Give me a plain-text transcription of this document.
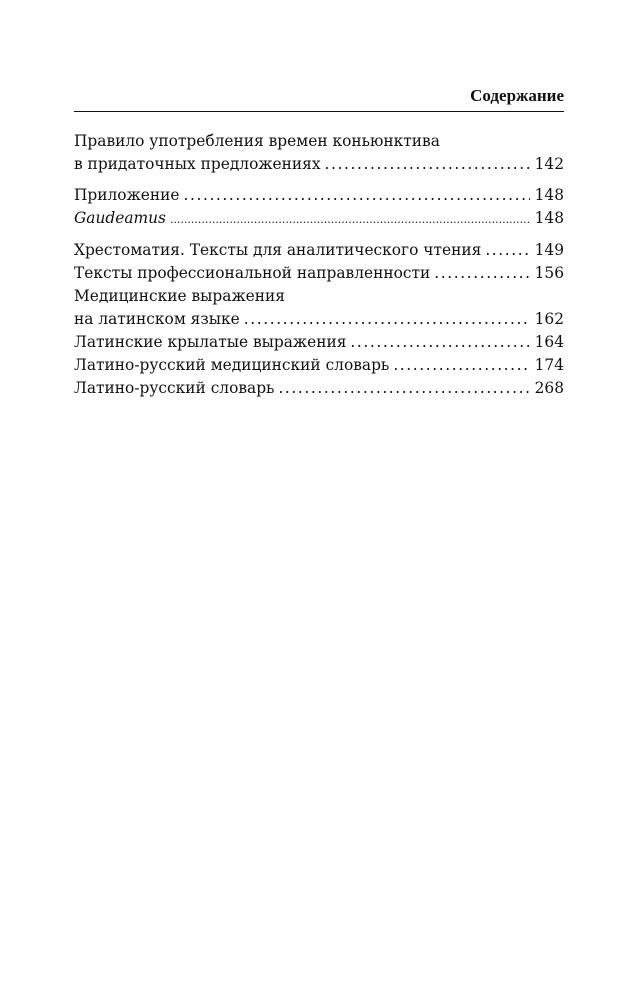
Содержание
Правило употребления времен коньюнктива
в придаточных предложениях .....	142
Приложение .....	148
Gaudeamus .....	148
Хрестоматия. Тексты для аналитического чтения .....	149
Тексты профессиональной направленности .....	156
Медицинские выражения
на латинском языке .....	162
Латинские крылатые выражения .....	164
Латино-русский медицинский словарь .....	174
Латино-русский словарь .....	268
